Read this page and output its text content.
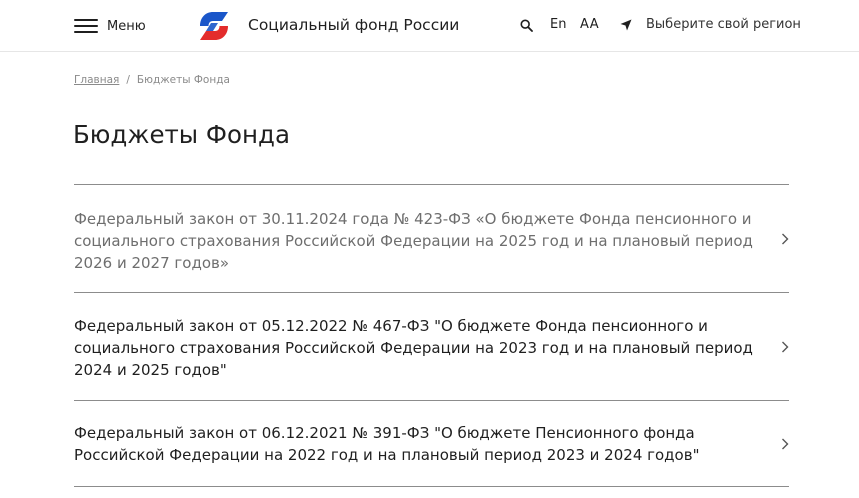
Меню	Социальный фонд России	En AA	Выберите свой регион
Главная / Бюджеты Фонда
Бюджеты Фонда
Федеральный закон от 30.11.2024 года № 423-ФЗ «О бюджете Фонда пенсионного и социального страхования Российской Федерации на 2025 год и на плановый период 2026 и 2027 годов»
Федеральный закон от 05.12.2022 № 467-ФЗ "О бюджете Фонда пенсионного и социального страхования Российской Федерации на 2023 год и на плановый период 2024 и 2025 годов"
Федеральный закон от 06.12.2021 № 391-ФЗ "О бюджете Пенсионного фонда Российской Федерации на 2022 год и на плановый период 2023 и 2024 годов"
